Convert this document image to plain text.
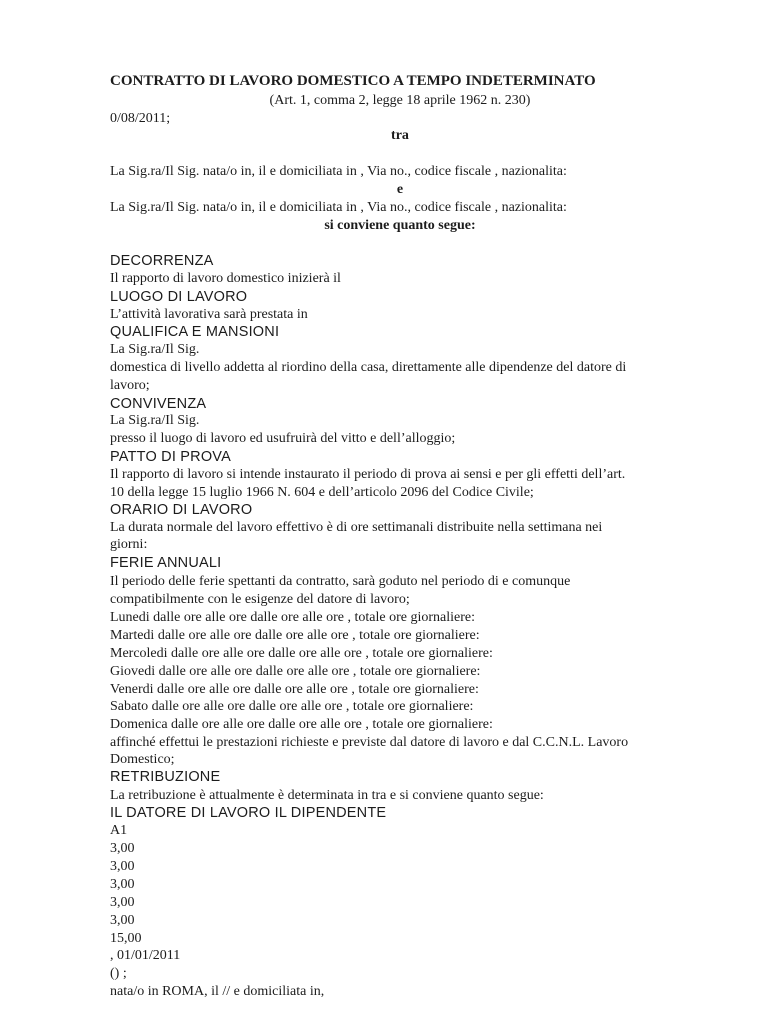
CONTRATTO DI LAVORO DOMESTICO A TEMPO INDETERMINATO
(Art. 1, comma 2, legge 18 aprile 1962 n. 230)
0/08/2011;
tra
La Sig.ra/Il Sig. nata/o in, il e domiciliata in , Via no., codice fiscale , nazionalita:
e
La Sig.ra/Il Sig. nata/o in, il e domiciliata in , Via no., codice fiscale , nazionalita:
si conviene quanto segue:
DECORRENZA
Il rapporto di lavoro domestico inizierà il
LUOGO DI LAVORO
L’attività lavorativa sarà prestata in
QUALIFICA E MANSIONI
La Sig.ra/Il Sig.
domestica di livello addetta al riordino della casa, direttamente alle dipendenze del datore di
lavoro;
CONVIVENZA
La Sig.ra/Il Sig.
presso il luogo di lavoro ed usufruirà del vitto e dell’alloggio;
PATTO DI PROVA
Il rapporto di lavoro si intende instaurato il periodo di prova ai sensi e per gli effetti dell’art.
10 della legge 15 luglio 1966 N. 604 e dell’articolo 2096 del Codice Civile;
ORARIO DI LAVORO
La durata normale del lavoro effettivo è di ore settimanali distribuite nella settimana nei
giorni:
FERIE ANNUALI
Il periodo delle ferie spettanti da contratto, sarà goduto nel periodo di e comunque
compatibilmente con le esigenze del datore di lavoro;
Lunedi dalle ore alle ore dalle ore alle ore , totale ore giornaliere:
Martedi dalle ore alle ore dalle ore alle ore , totale ore giornaliere:
Mercoledi dalle ore alle ore dalle ore alle ore , totale ore giornaliere:
Giovedi dalle ore alle ore dalle ore alle ore , totale ore giornaliere:
Venerdi dalle ore alle ore dalle ore alle ore , totale ore giornaliere:
Sabato dalle ore alle ore dalle ore alle ore , totale ore giornaliere:
Domenica dalle ore alle ore dalle ore alle ore , totale ore giornaliere:
affinché effettui le prestazioni richieste e previste dal datore di lavoro e dal C.C.N.L. Lavoro
Domestico;
RETRIBUZIONE
La retribuzione è attualmente è determinata in tra e si conviene quanto segue:
IL DATORE DI LAVORO IL DIPENDENTE
A1
3,00
3,00
3,00
3,00
3,00
15,00
, 01/01/2011
() ;
nata/o in ROMA, il // e domiciliata in,
